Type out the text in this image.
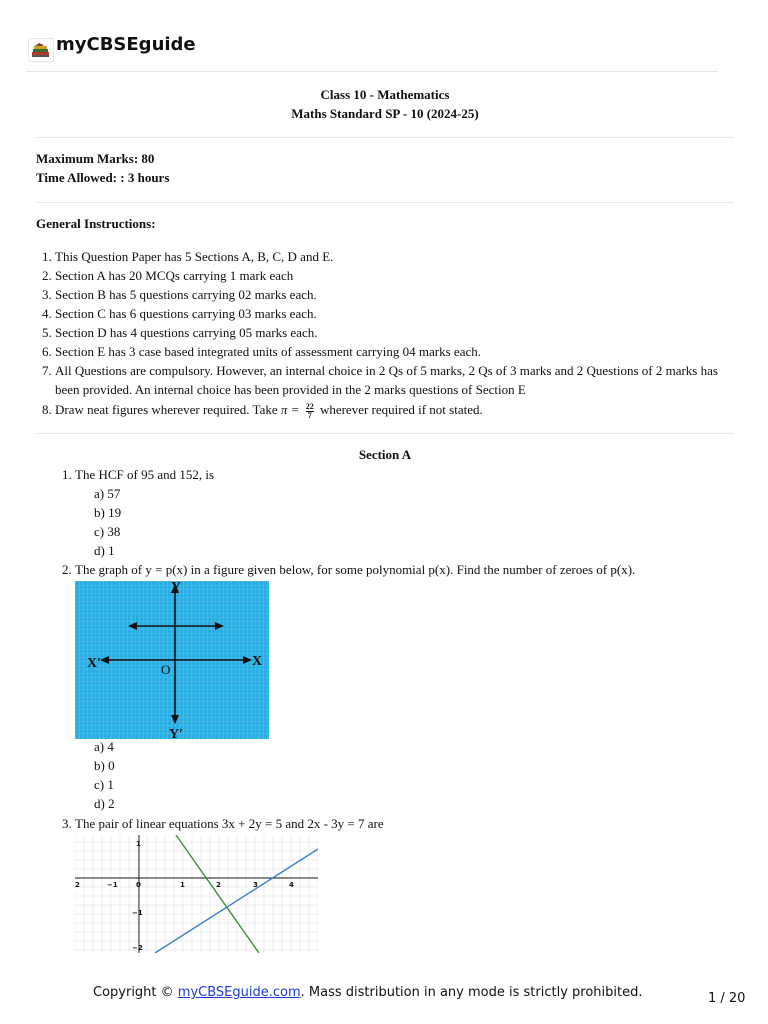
myCBSEguide
Class 10 - Mathematics
Maths Standard SP - 10 (2024-25)
Maximum Marks: 80
Time Allowed: : 3 hours
General Instructions:
1. This Question Paper has 5 Sections A, B, C, D and E.
2. Section A has 20 MCQs carrying 1 mark each
3. Section B has 5 questions carrying 02 marks each.
4. Section C has 6 questions carrying 03 marks each.
5. Section D has 4 questions carrying 05 marks each.
6. Section E has 3 case based integrated units of assessment carrying 04 marks each.
7. All Questions are compulsory. However, an internal choice in 2 Qs of 5 marks, 2 Qs of 3 marks and 2 Questions of 2 marks has been provided. An internal choice has been provided in the 2 marks questions of Section E
8. Draw neat figures wherever required. Take $\pi = \frac{22}{7}$ wherever required if not stated.
Section A
1. The HCF of 95 and 152, is
a) 57
b) 19
c) 38
d) 1
2. The graph of y = p(x) in a figure given below, for some polynomial p(x). Find the number of zeroes of p(x).
Y
Y′
X
X′	O
a) 4
b) 0
c) 1
d) 2
3. The pair of linear equations 3x + 2y = 5 and 2x - 3y = 7 are
2	−1	0	1	2	3	4
1
−1
−2
Copyright © myCBSEguide.com. Mass distribution in any mode is strictly prohibited.	1 / 20
